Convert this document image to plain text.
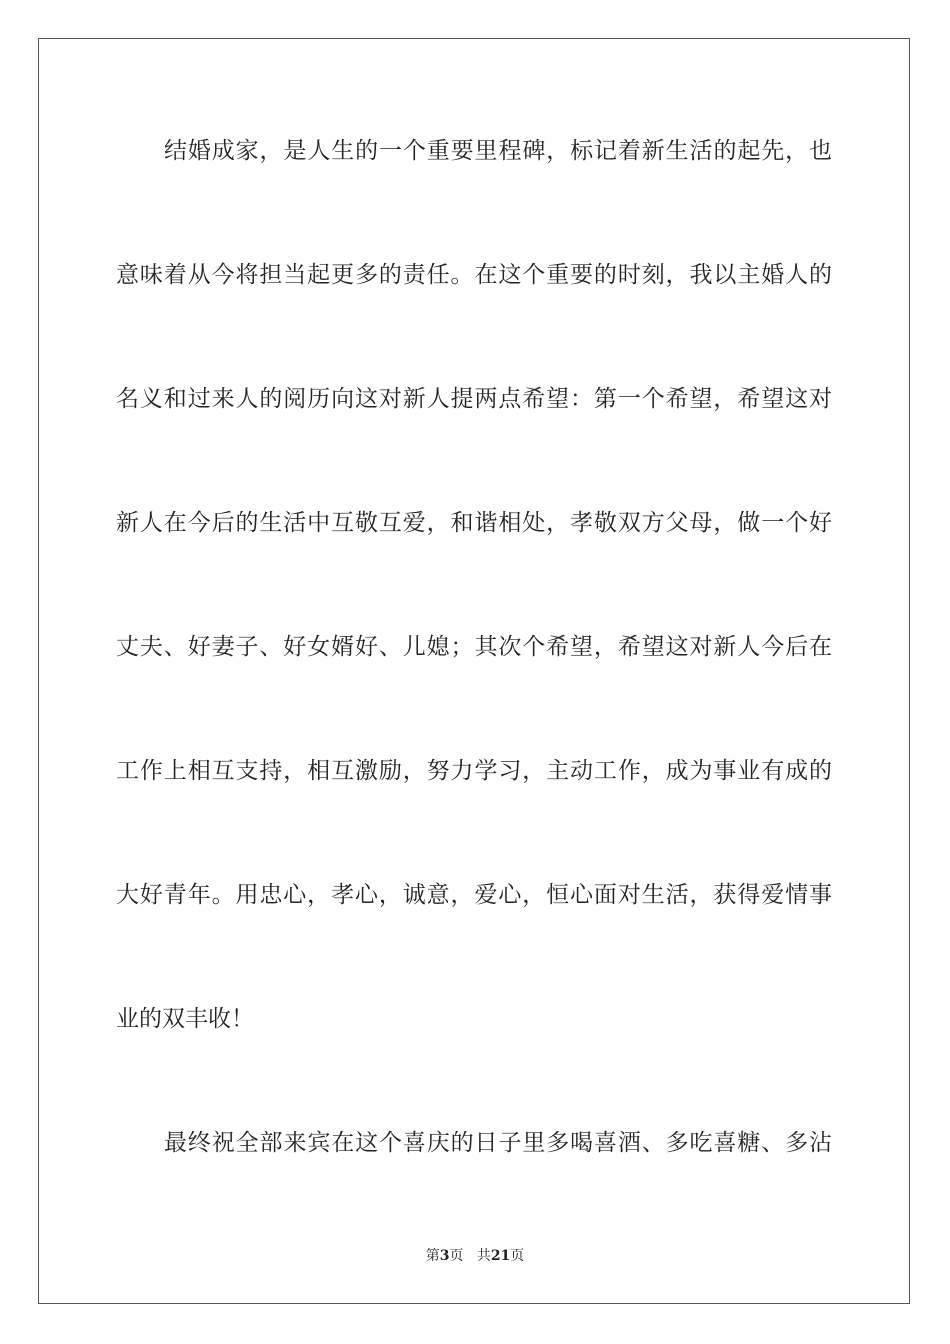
结婚成家，是人生的一个重要里程碑，标记着新生活的起先，也
意味着从今将担当起更多的责任。在这个重要的时刻，我以主婚人的
名义和过来人的阅历向这对新人提两点希望：第一个希望，希望这对
新人在今后的生活中互敬互爱，和谐相处，孝敬双方父母，做一个好
丈夫、好妻子、好女婿好、儿媳；其次个希望，希望这对新人今后在
工作上相互支持，相互激励，努力学习，主动工作，成为事业有成的
大好青年。用忠心，孝心，诚意，爱心，恒心面对生活，获得爱情事
业的双丰收！
最终祝全部来宾在这个喜庆的日子里多喝喜酒、多吃喜糖、多沾
第3页 共21页
